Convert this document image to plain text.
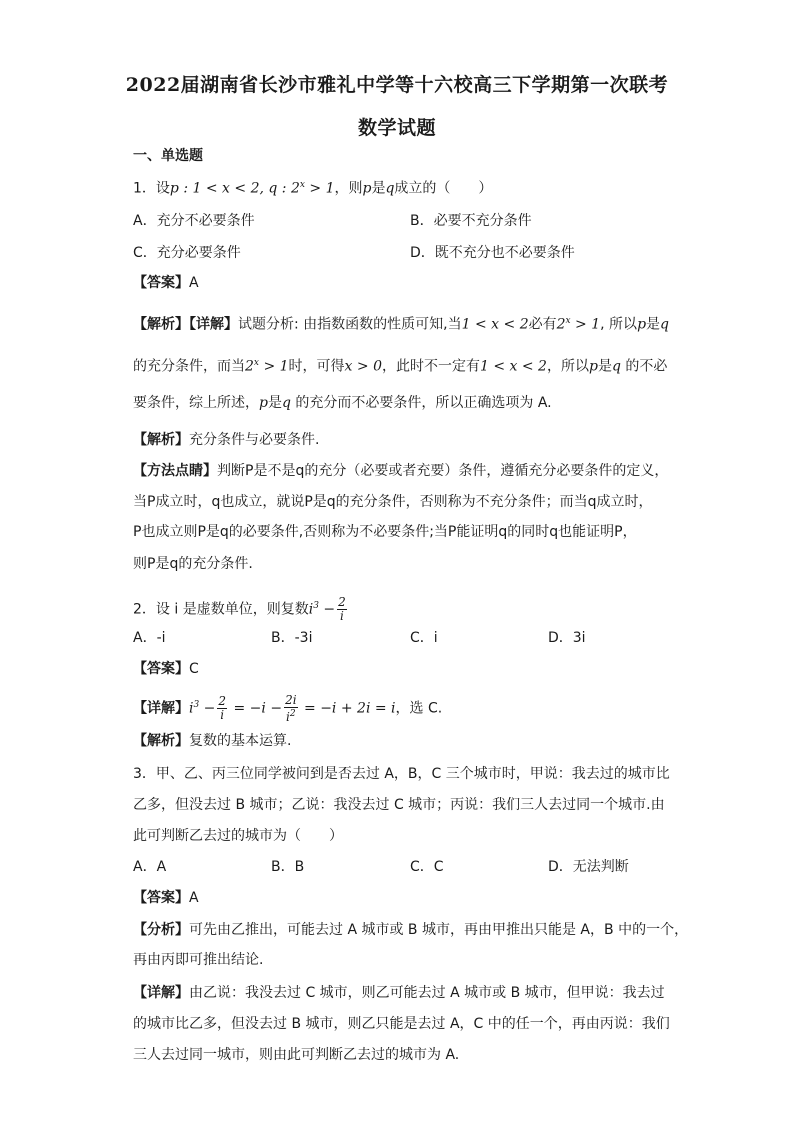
2022届湖南省长沙市雅礼中学等十六校高三下学期第一次联考
数学试题
一、单选题
1．设p : 1 < x < 2, q : $2^x > 1$，则p是q成立的（　　）
A．充分不必要条件	B．必要不充分条件
C．充分必要条件	D．既不充分也不必要条件
【答案】A
【解析】【详解】试题分析: 由指数函数的性质可知,当1 < x < 2必有$2^x > 1$, 所以p是q
的充分条件，而当$2^x > 1$时，可得x > 0，此时不一定有1 < x < 2，所以p是q 的不必
要条件，综上所述，p是q 的充分而不必要条件，所以正确选项为 A.
【解析】充分条件与必要条件.
【方法点睛】判断P是不是q的充分（必要或者充要）条件，遵循充分必要条件的定义，
当P成立时，q也成立，就说P是q的充分条件，否则称为不充分条件；而当q成立时，
P也成立则P是q的必要条件,否则称为不必要条件;当P能证明q的同时q也能证明P，
则P是q的充分条件.
2．设 i 是虚数单位，则复数$i^3 - \frac{2}{i}$
A．-i	B．-3i	C．i	D．3i
【答案】C
【详解】$i^3 - \frac{2}{i} = -i - \frac{2i}{i^2} = -i + 2i = i$，选 C.
【解析】复数的基本运算.
3．甲、乙、丙三位同学被问到是否去过 A，B，C 三个城市时，甲说：我去过的城市比
乙多，但没去过 B 城市；乙说：我没去过 C 城市；丙说：我们三人去过同一个城市.由
此可判断乙去过的城市为（　　）
A．A	B．B	C．C	D．无法判断
【答案】A
【分析】可先由乙推出，可能去过 A 城市或 B 城市，再由甲推出只能是 A，B 中的一个，
再由丙即可推出结论.
【详解】由乙说：我没去过 C 城市，则乙可能去过 A 城市或 B 城市，但甲说：我去过
的城市比乙多，但没去过 B 城市，则乙只能是去过 A，C 中的任一个，再由丙说：我们
三人去过同一城市，则由此可判断乙去过的城市为 A.
